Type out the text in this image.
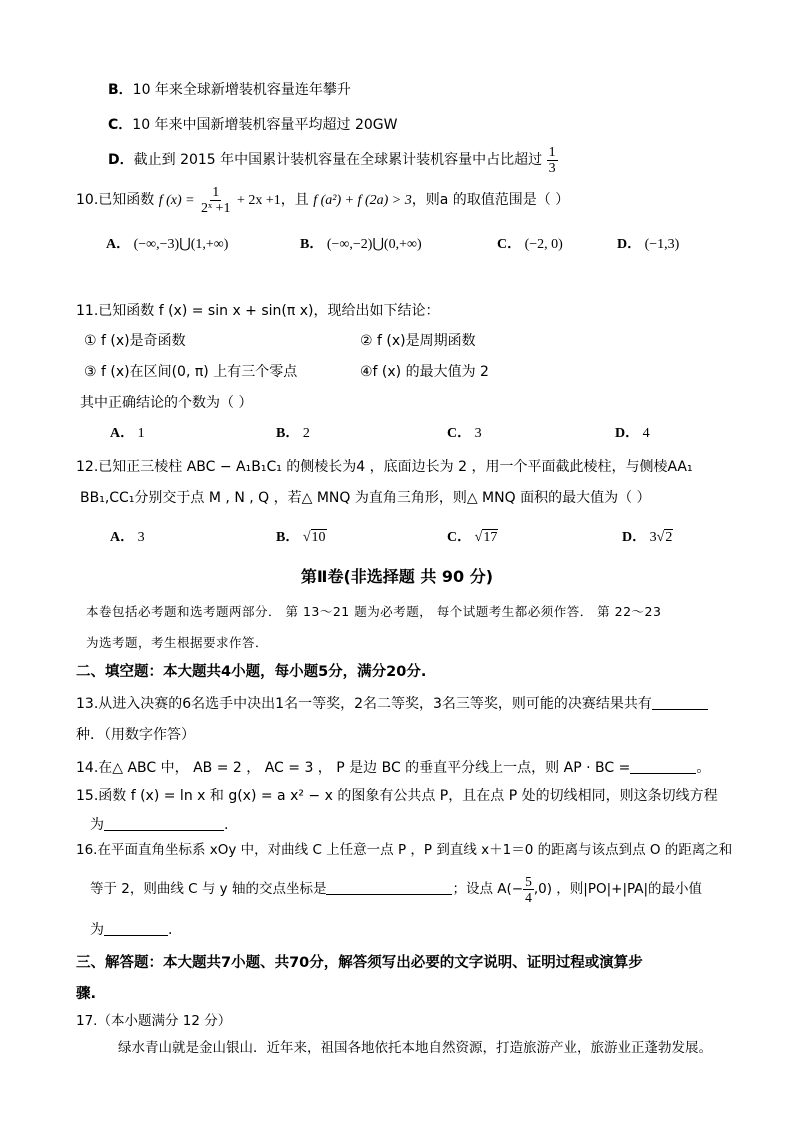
B．10 年来全球新增装机容量连年攀升
C．10 年来中国新增装机容量平均超过 20GW
D．截止到 2015 年中国累计装机容量在全球累计装机容量中占比超过 $\frac{1}{3}$
10.已知函数 f $(x) = \frac{1}{\text{2ˣ +1}} + 2x +1$，且 f (a²) + f (2a) > 3，则a 的取值范围是（ ）
A． (−∞,−3)⋃(1,+∞)	B． (−∞,−2)⋃(0,+∞)	C． (−2, 0)	D． (−1,3)
11.已知函数 f (x) = sin x + sin(π x)，现给出如下结论：
① f (x)是奇函数	② f (x)是周期函数
③ f (x)在区间(0, π) 上有三个零点	④f (x) 的最大值为 2
其中正确结论的个数为（ ）
A． 1	B． 2	C． 3	D． 4
12.已知正三棱柱 ABC − A₁B₁C₁ 的侧棱长为4 ，底面边长为 2 ，用一个平面截此棱柱，与侧棱AA₁
BB₁,CC₁分别交于点 M , N , Q ，若△ MNQ 为直角三角形，则△ MNQ 面积的最大值为（ ）
A． 3	B． √10	C． √17	D． 3√2
第Ⅱ卷(非选择题 共 90 分)
本卷包括必考题和选考题两部分． 第 13～21 题为必考题， 每个试题考生都必须作答． 第 22～23
为选考题，考生根据要求作答．
二、填空题：本大题共4小题，每小题5分，满分20分.
13.从进入决赛的6名选手中决出1名一等奖，2名二等奖，3名三等奖，则可能的决赛结果共有
种．（用数字作答）
14.在△ ABC 中， AB = 2 ， AC = 3 ， P 是边 BC 的垂直平分线上一点，则 AP · BC =	。
15.函数 f (x) = ln x 和 g(x) = a x² − x 的图象有公共点 P，且在点 P 处的切线相同，则这条切线方程
为	.
16.在平面直角坐标系 xOy 中，对曲线 C 上任意一点 P ，P 到直线 x＋1＝0 的距离与该点到点 O 的距离之和
等于 2，则曲线 C 与 y 轴的交点坐标是	；设点 $A(- \frac{5}{4} ,0)$ ，则|PO|+|PA|的最小值
为	.
三、解答题：本大题共7小题、共70分，解答须写出必要的文字说明、证明过程或演算步
骤.
17.（本小题满分 12 分）
绿水青山就是金山银山．近年来，祖国各地依托本地自然资源，打造旅游产业，旅游业正蓬勃发展。
